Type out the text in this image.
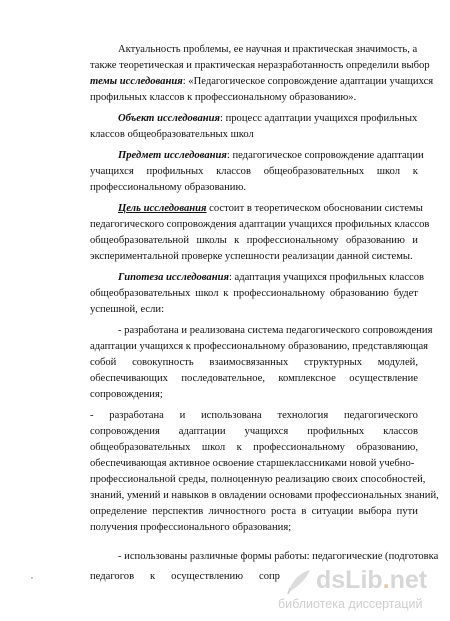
Актуальность проблемы, ее научная и практическая значимость, а
также теоретическая и практическая неразработанность определили выбор
темы исследования: «Педагогическое сопровождение адаптации учащихся
профильных классов к профессиональному образованию».
Объект исследования: процесс адаптации учащихся профильных
классов общеобразовательных школ
Предмет исследования: педагогическое сопровождение адаптации
учащихся профильных классов общеобразовательных школ к
профессиональному образованию.
Цель исследования состоит в теоретическом обосновании системы
педагогического сопровождения адаптации учащихся профильных классов
общеобразовательной школы к профессиональному образованию и
экспериментальной проверке успешности реализации данной системы.
Гипотеза исследования: адаптация учащихся профильных классов
общеобразовательных школ к профессиональному образованию будет
успешной, если:
- разработана и реализована система педагогического сопровождения
адаптации учащихся к профессиональному образованию, представляющая
собой совокупность взаимосвязанных структурных модулей,
обеспечивающих последовательное, комплексное осуществление
сопровождения;
- разработана и использована технология педагогического
сопровождения адаптации учащихся профильных классов
общеобразовательных школ к профессиональному образованию,
обеспечивающая активное освоение старшеклассниками новой учебно-
профессиональной среды, полноценную реализацию своих способностей,
знаний, умений и навыков в овладении основами профессиональных знаний,
определение перспектив личностного роста в ситуации выбора пути
получения профессионального образования;
- использованы различные формы работы: педагогические (подготовка
педагогов к осуществлению сопр
,	dsLib.net
библиотека диссертаций
